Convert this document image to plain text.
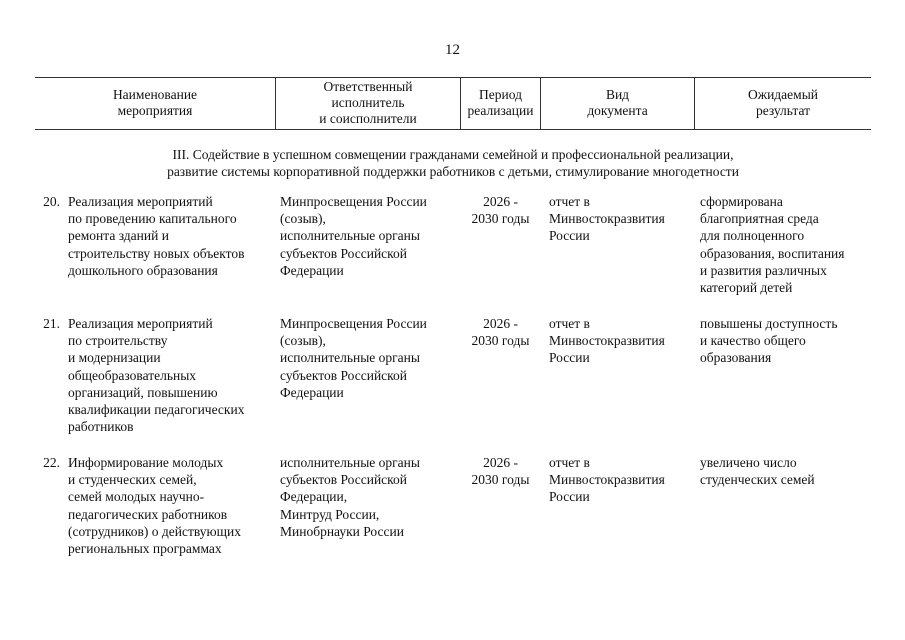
12
Наименование
мероприятия
Ответственный
исполнитель
и соисполнители
Период
реализации
Вид
документа
Ожидаемый
результат
III. Содействие в успешном совмещении гражданами семейной и профессиональной реализации,
развитие системы корпоративной поддержки работников с детьми, стимулирование многодетности
20. Реализация мероприятий
по проведению капитального
ремонта зданий и
строительству новых объектов
дошкольного образования
Минпросвещения России
(созыв),
исполнительные органы
субъектов Российской
Федерации
2026 -
2030 годы
отчет в
Минвостокразвития
России
сформирована
благоприятная среда
для полноценного
образования, воспитания
и развития различных
категорий детей
21. Реализация мероприятий
по строительству
и модернизации
общеобразовательных
организаций, повышению
квалификации педагогических
работников
Минпросвещения России
(созыв),
исполнительные органы
субъектов Российской
Федерации
2026 -
2030 годы
отчет в
Минвостокразвития
России
повышены доступность
и качество общего
образования
22. Информирование молодых
и студенческих семей,
семей молодых научно-
педагогических работников
(сотрудников) о действующих
региональных программах
исполнительные органы
субъектов Российской
Федерации,
Минтруд России,
Минобрнауки России
2026 -
2030 годы
отчет в
Минвостокразвития
России
увеличено число
студенческих семей
